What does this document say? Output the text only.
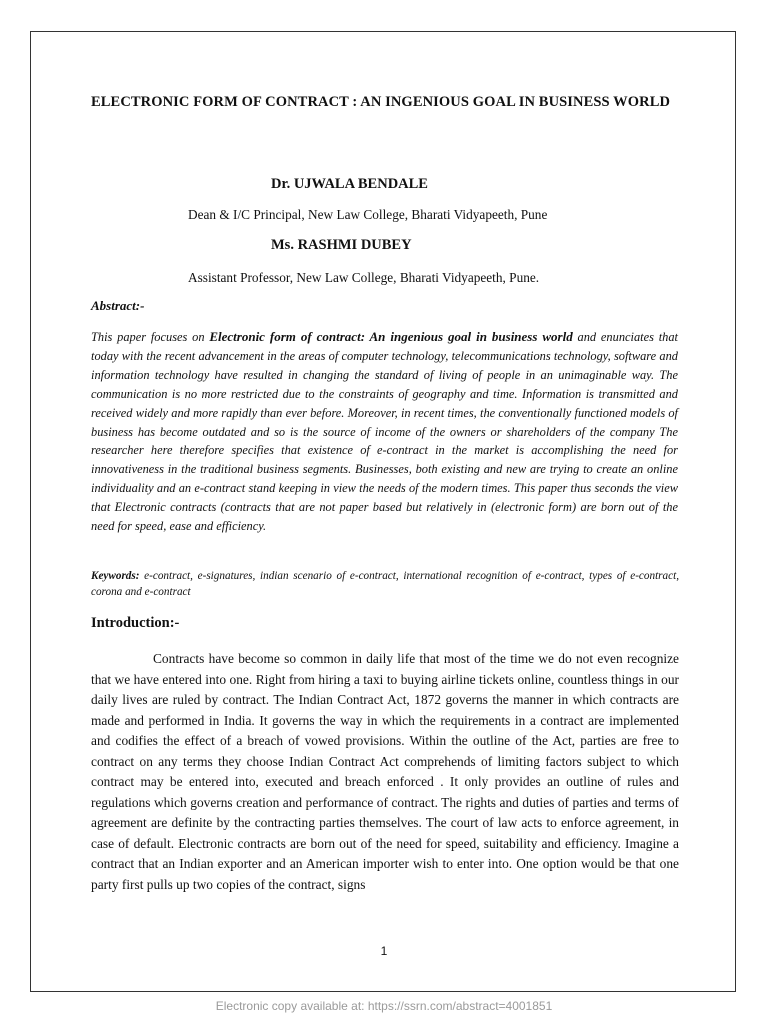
ELECTRONIC FORM OF CONTRACT : AN INGENIOUS GOAL IN BUSINESS WORLD
Dr. UJWALA BENDALE
Dean & I/C Principal, New Law College, Bharati Vidyapeeth, Pune
Ms. RASHMI DUBEY
Assistant Professor, New Law College, Bharati Vidyapeeth, Pune.
Abstract:-
This paper focuses on Electronic form of contract: An ingenious goal in business world and enunciates that today with the recent advancement in the areas of computer technology, telecommunications technology, software and information technology have resulted in changing the standard of living of people in an unimaginable way. The communication is no more restricted due to the constraints of geography and time. Information is transmitted and received widely and more rapidly than ever before. Moreover, in recent times, the conventionally functioned models of business has become outdated and so is the source of income of the owners or shareholders of the company The researcher here therefore specifies that existence of e-contract in the market is accomplishing the need for innovativeness in the traditional business segments. Businesses, both existing and new are trying to create an online individuality and an e-contract stand keeping in view the needs of the modern times. This paper thus seconds the view that Electronic contracts (contracts that are not paper based but relatively in (electronic form) are born out of the need for speed, ease and efficiency.
Keywords: e-contract, e-signatures, indian scenario of e-contract, international recognition of e-contract, types of e-contract, corona and e-contract
Introduction:-

Contracts have become so common in daily life that most of the time we do not even recognize that we have entered into one. Right from hiring a taxi to buying airline tickets online, countless things in our daily lives are ruled by contract. The Indian Contract Act, 1872 governs the manner in which contracts are made and performed in India. It governs the way in which the requirements in a contract are implemented and codifies the effect of a breach of vowed provisions. Within the outline of the Act, parties are free to contract on any terms they choose Indian Contract Act comprehends of limiting factors subject to which contract may be entered into, executed and breach enforced . It only provides an outline of rules and regulations which governs creation and performance of contract. The rights and duties of parties and terms of agreement are definite by the contracting parties themselves. The court of law acts to enforce agreement, in case of default. Electronic contracts are born out of the need for speed, suitability and efficiency. Imagine a contract that an Indian exporter and an American importer wish to enter into. One option would be that one party first pulls up two copies of the contract, signs

1
Electronic copy available at: https://ssrn.com/abstract=4001851
